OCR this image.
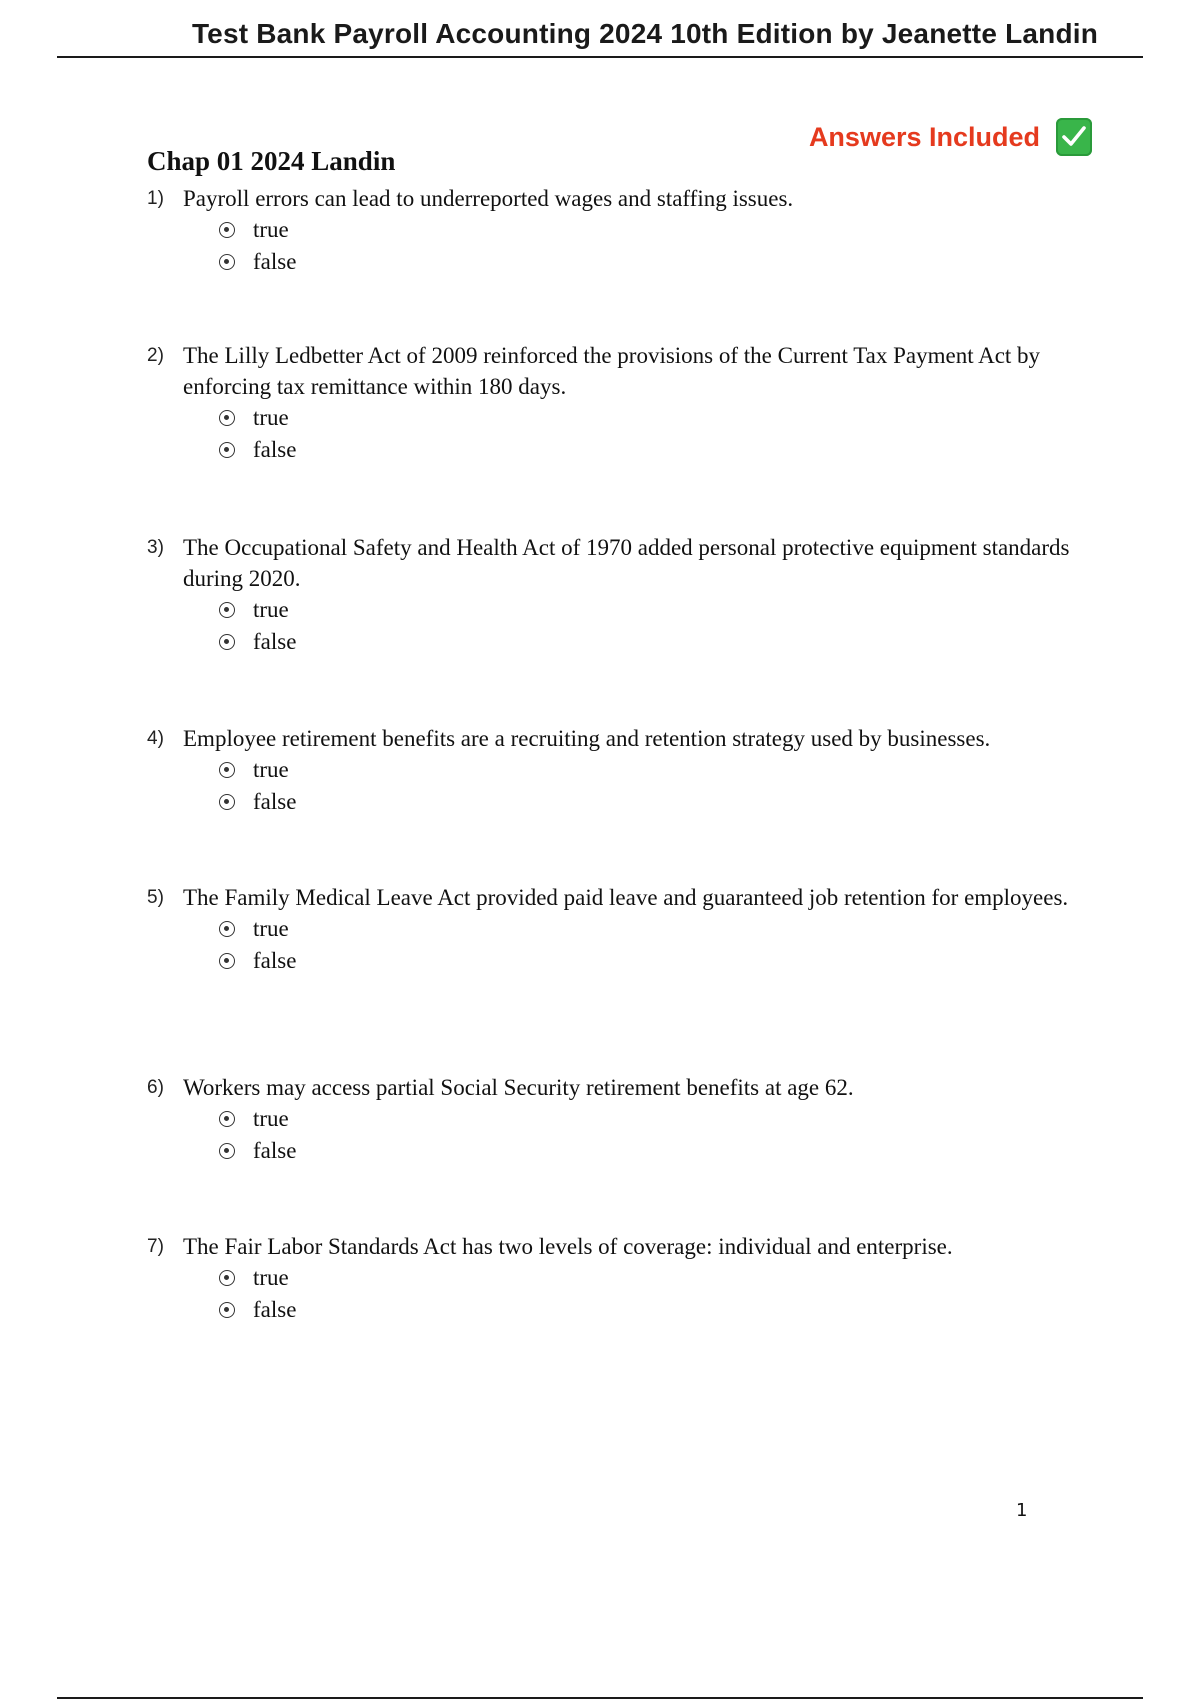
Test Bank Payroll Accounting 2024 10th Edition by Jeanette Landin
Answers Included
Chap 01 2024 Landin
1) Payroll errors can lead to underreported wages and staffing issues.
true
false
2) The Lilly Ledbetter Act of 2009 reinforced the provisions of the Current Tax Payment Act by enforcing tax remittance within 180 days.
true
false
3) The Occupational Safety and Health Act of 1970 added personal protective equipment standards during 2020.
true
false
4) Employee retirement benefits are a recruiting and retention strategy used by businesses.
true
false
5) The Family Medical Leave Act provided paid leave and guaranteed job retention for employees.
true
false
6) Workers may access partial Social Security retirement benefits at age 62.
true
false
7) The Fair Labor Standards Act has two levels of coverage: individual and enterprise.
true
false
1
